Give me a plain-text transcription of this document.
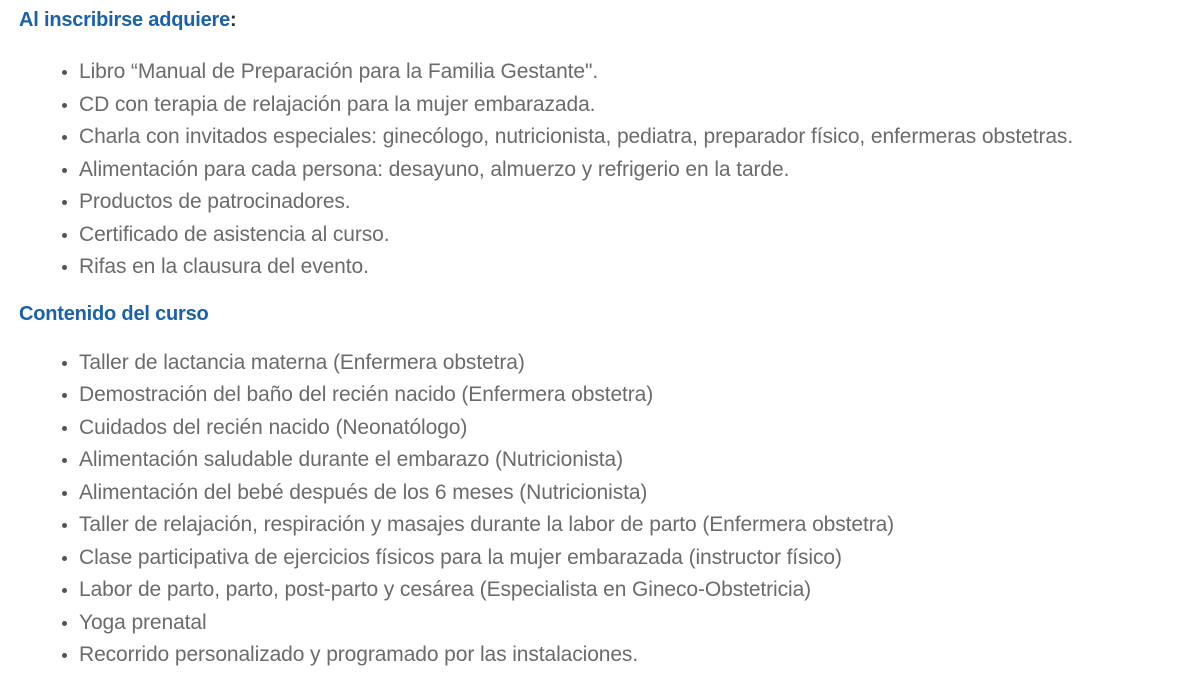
Al inscribirse adquiere:
• Libro “Manual de Preparación para la Familia Gestante".
• CD con terapia de relajación para la mujer embarazada.
• Charla con invitados especiales: ginecólogo, nutricionista, pediatra, preparador físico, enfermeras obstetras.
• Alimentación para cada persona: desayuno, almuerzo y refrigerio en la tarde.
• Productos de patrocinadores.
• Certificado de asistencia al curso.
• Rifas en la clausura del evento.
Contenido del curso
• Taller de lactancia materna (Enfermera obstetra)
• Demostración del baño del recién nacido (Enfermera obstetra)
• Cuidados del recién nacido (Neonatólogo)
• Alimentación saludable durante el embarazo (Nutricionista)
• Alimentación del bebé después de los 6 meses (Nutricionista)
• Taller de relajación, respiración y masajes durante la labor de parto (Enfermera obstetra)
• Clase participativa de ejercicios físicos para la mujer embarazada (instructor físico)
• Labor de parto, parto, post-parto y cesárea (Especialista en Gineco-Obstetricia)
• Yoga prenatal
• Recorrido personalizado y programado por las instalaciones.
